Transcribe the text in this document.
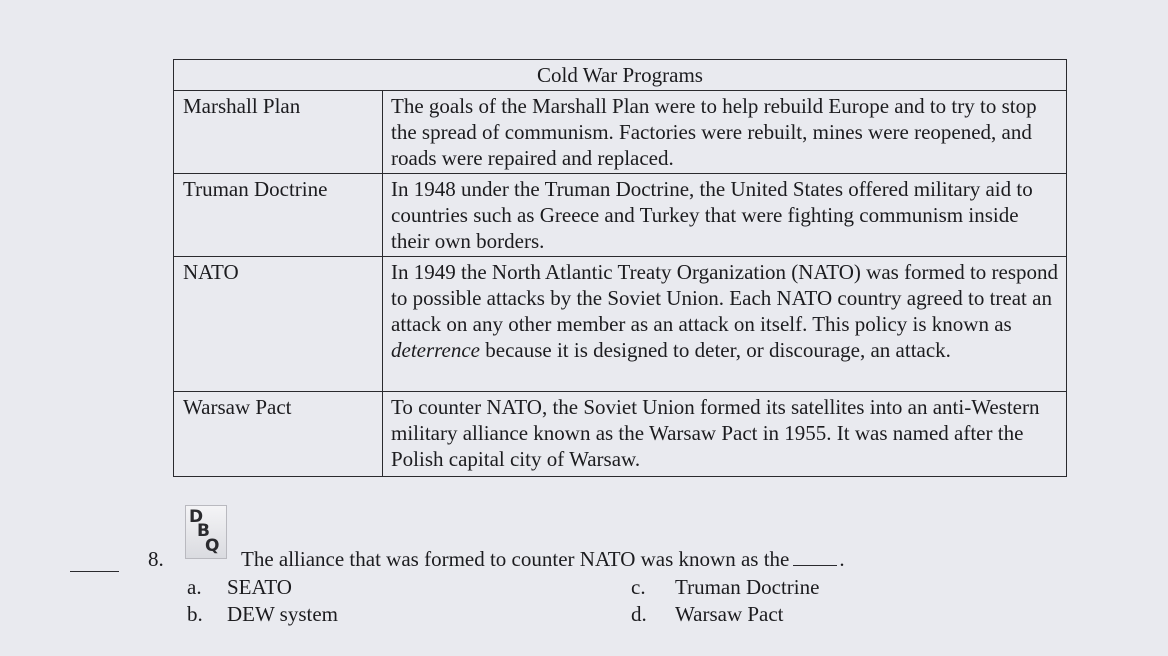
Cold War Programs	
Marshall Plan	The goals of the Marshall Plan were to help rebuild Europe and to try to stop the spread of communism. Factories were rebuilt, mines were reopened, and roads were repaired and replaced.
Truman Doctrine	In 1948 under the Truman Doctrine, the United States offered military aid to countries such as Greece and Turkey that were fighting communism inside their own borders.
NATO	In 1949 the North Atlantic Treaty Organization (NATO) was formed to respond to possible attacks by the Soviet Union. Each NATO country agreed to treat an attack on any other member as an attack on itself. This policy is known as deterrence because it is designed to deter, or discourage, an attack.
Warsaw Pact	To counter NATO, the Soviet Union formed its satellites into an anti-Western military alliance known as the Warsaw Pact in 1955. It was named after the Polish capital city of Warsaw.
8.
D
B
Q
The alliance that was formed to counter NATO was known as the .
a. SEATO
b. DEW system
c. Truman Doctrine
d. Warsaw Pact
